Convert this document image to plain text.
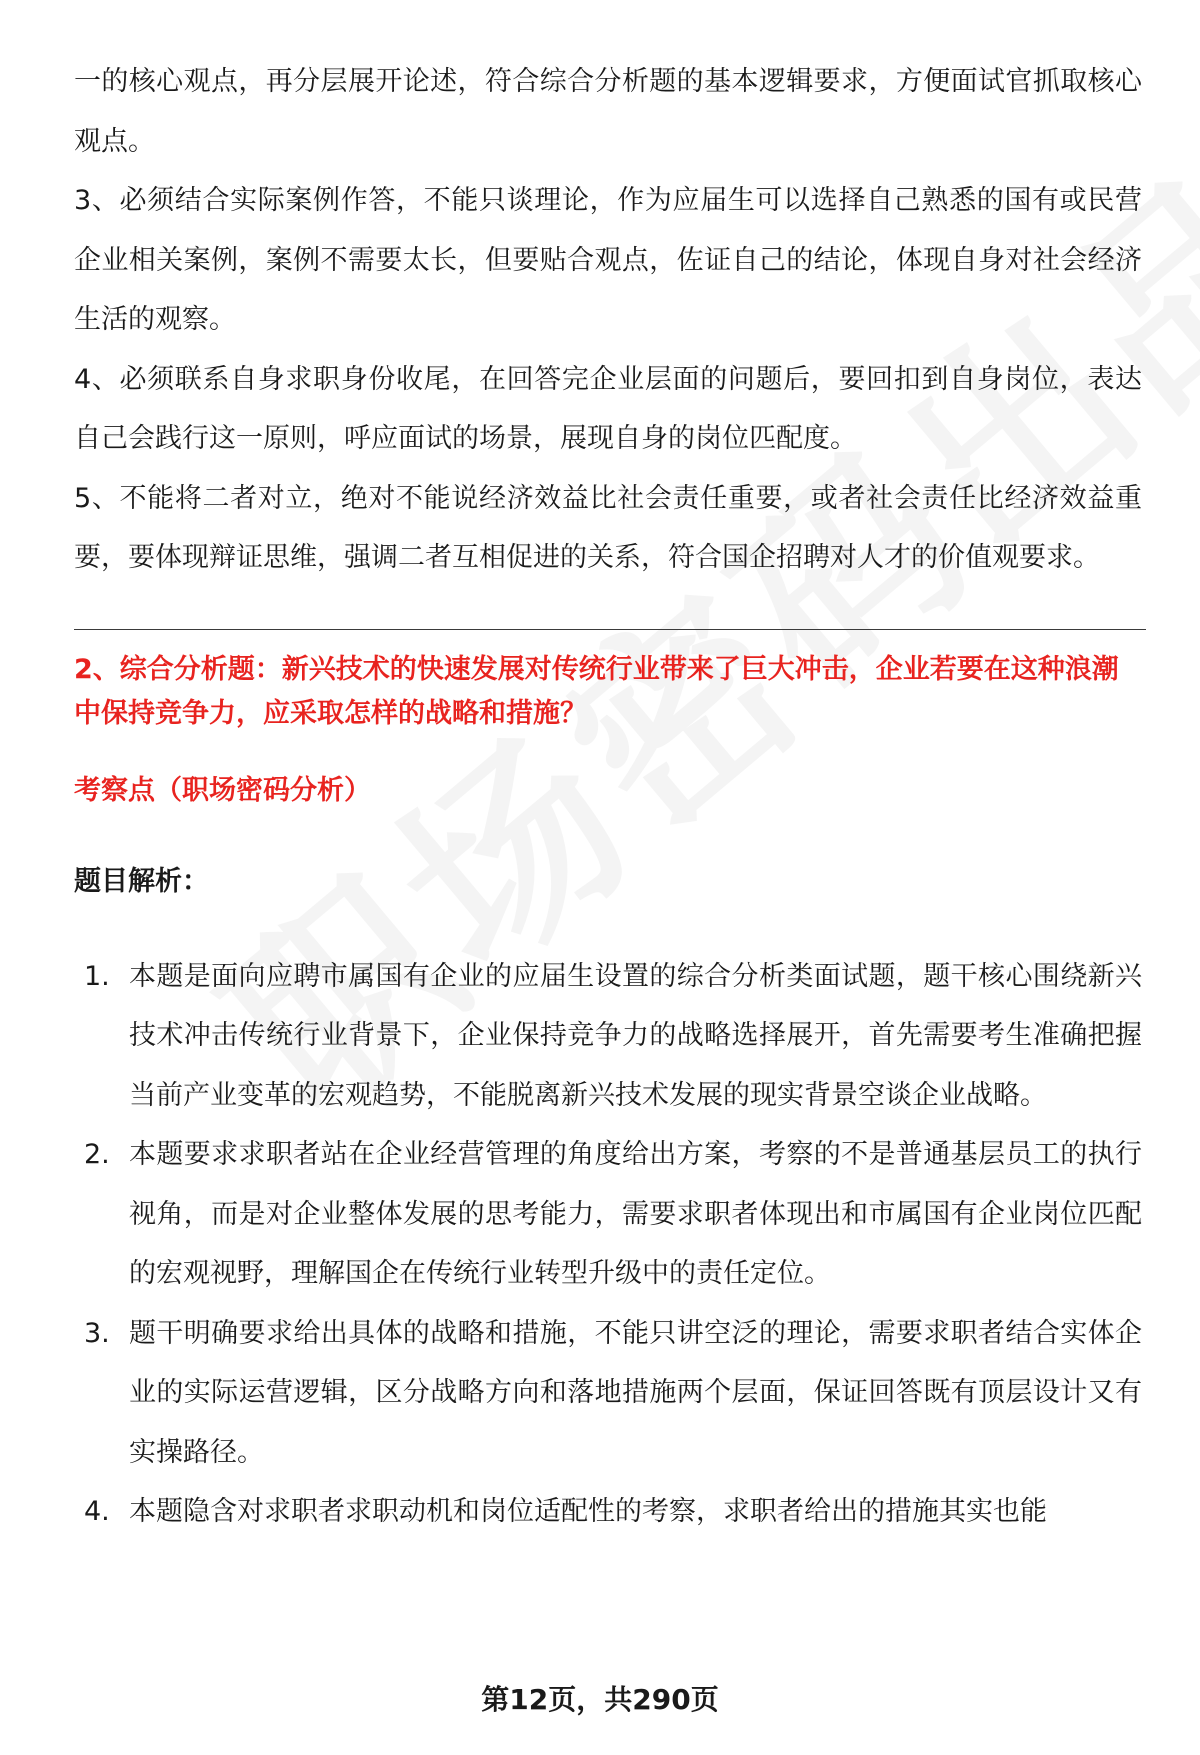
一的核心观点，再分层展开论述，符合综合分析题的基本逻辑要求，方便面试官抓取核心观点。

3、必须结合实际案例作答，不能只谈理论，作为应届生可以选择自己熟悉的国有或民营企业相关案例，案例不需要太长，但要贴合观点，佐证自己的结论，体现自身对社会经济生活的观察。

4、必须联系自身求职身份收尾，在回答完企业层面的问题后，要回扣到自身岗位，表达自己会践行这一原则，呼应面试的场景，展现自身的岗位匹配度。

5、不能将二者对立，绝对不能说经济效益比社会责任重要，或者社会责任比经济效益重要，要体现辩证思维，强调二者互相促进的关系，符合国企招聘对人才的价值观要求。

2、综合分析题：新兴技术的快速发展对传统行业带来了巨大冲击，企业若要在这种浪潮中保持竞争力，应采取怎样的战略和措施？

考察点（职场密码分析）

题目解析：

1. 本题是面向应聘市属国有企业的应届生设置的综合分析类面试题，题干核心围绕新兴技术冲击传统行业背景下，企业保持竞争力的战略选择展开，首先需要考生准确把握当前产业变革的宏观趋势，不能脱离新兴技术发展的现实背景空谈企业战略。
2. 本题要求求职者站在企业经营管理的角度给出方案，考察的不是普通基层员工的执行视角，而是对企业整体发展的思考能力，需要求职者体现出和市属国有企业岗位匹配的宏观视野，理解国企在传统行业转型升级中的责任定位。
3. 题干明确要求给出具体的战略和措施，不能只讲空泛的理论，需要求职者结合实体企业的实际运营逻辑，区分战略方向和落地措施两个层面，保证回答既有顶层设计又有实操路径。
4. 本题隐含对求职者求职动机和岗位适配性的考察，求职者给出的措施其实也能
第12页，共290页
